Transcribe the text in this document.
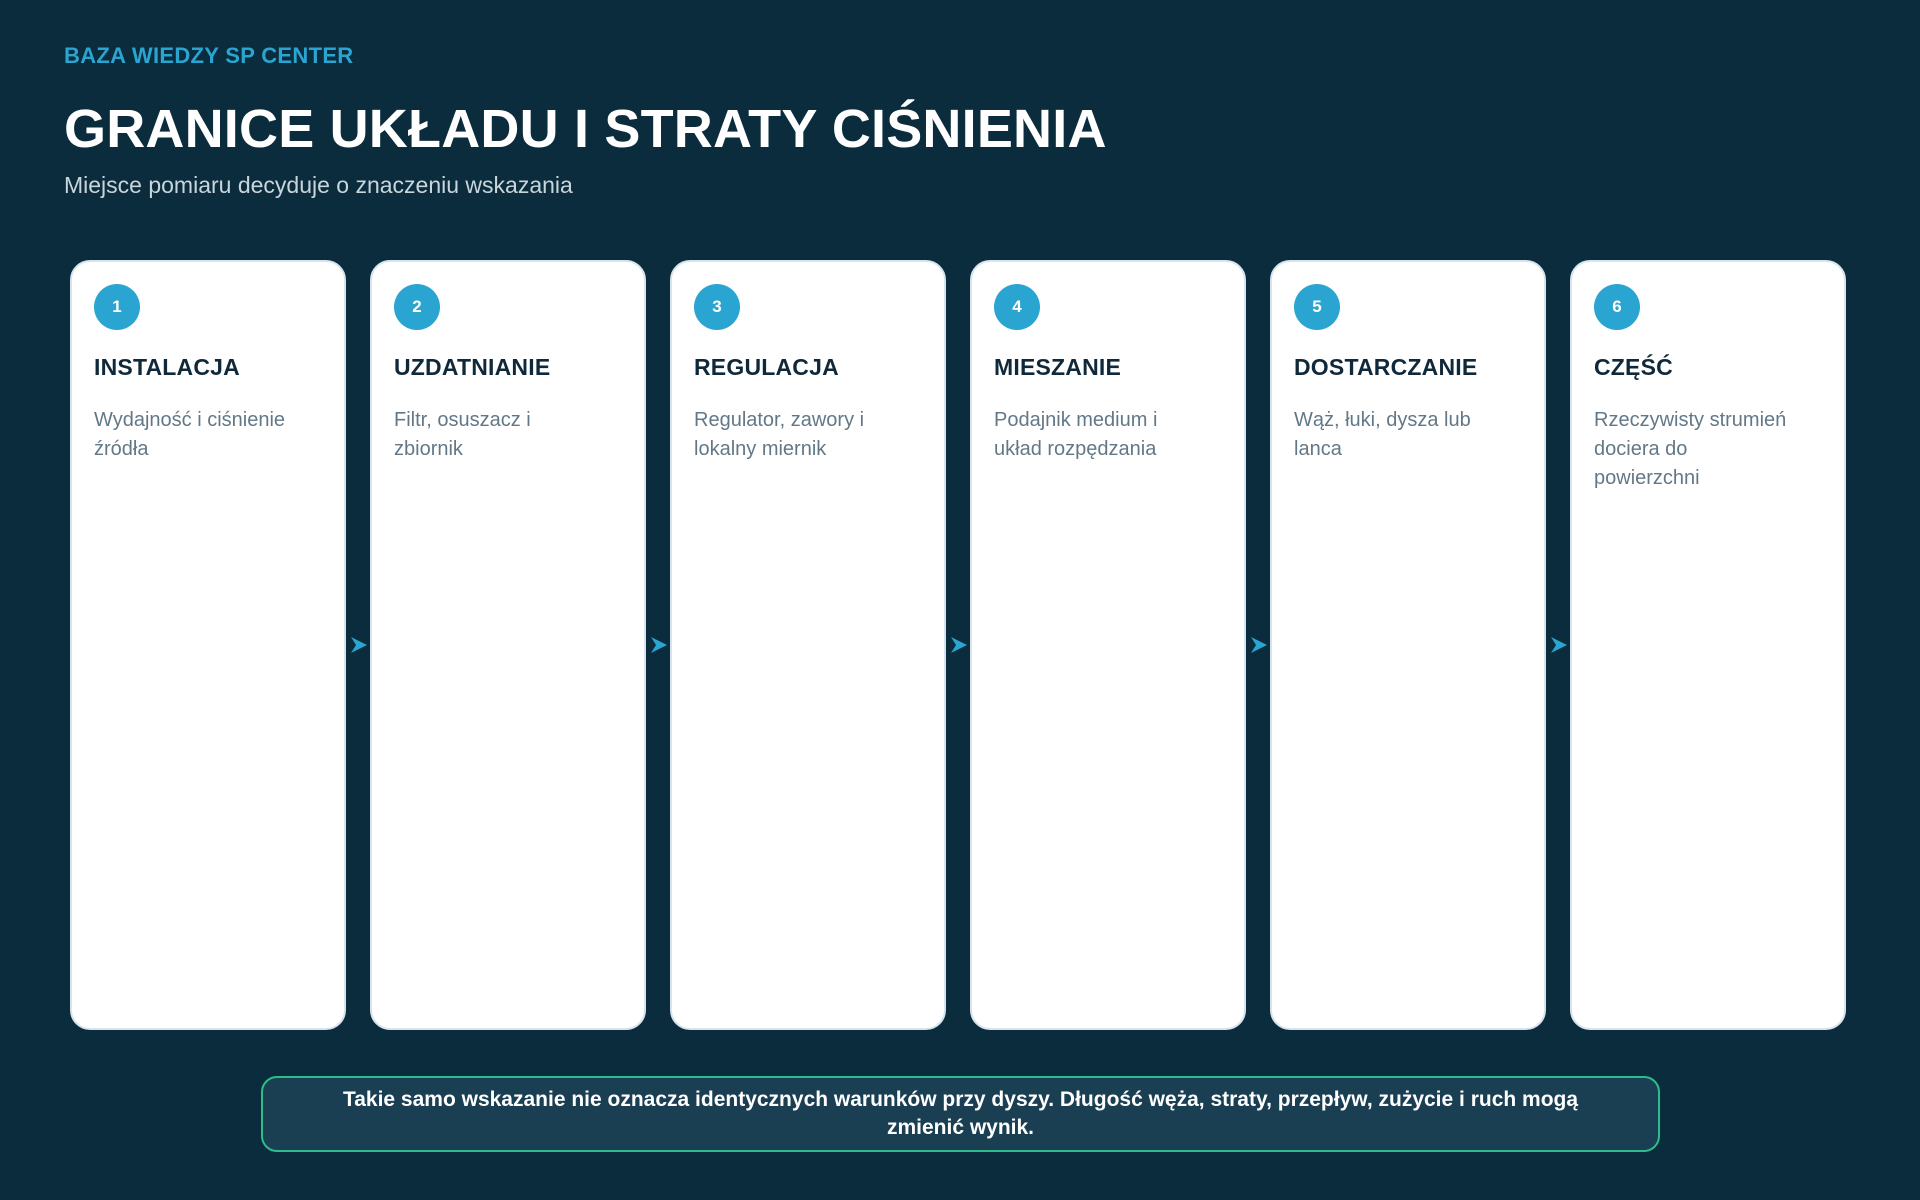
BAZA WIEDZY SP CENTER
GRANICE UKŁADU I STRATY CIŚNIENIA
Miejsce pomiaru decyduje o znaczeniu wskazania
1
INSTALACJA
Wydajność i ciśnienie źródła
2
UZDATNIANIE
Filtr, osuszacz i zbiornik
3
REGULACJA
Regulator, zawory i lokalny miernik
4
MIESZANIE
Podajnik medium i układ rozpędzania
5
DOSTARCZANIE
Wąż, łuki, dysza lub lanca
6
CZĘŚĆ
Rzeczywisty strumień dociera do powierzchni
Takie samo wskazanie nie oznacza identycznych warunków przy dyszy. Długość węża, straty, przepływ, zużycie i ruch mogą zmienić wynik.
